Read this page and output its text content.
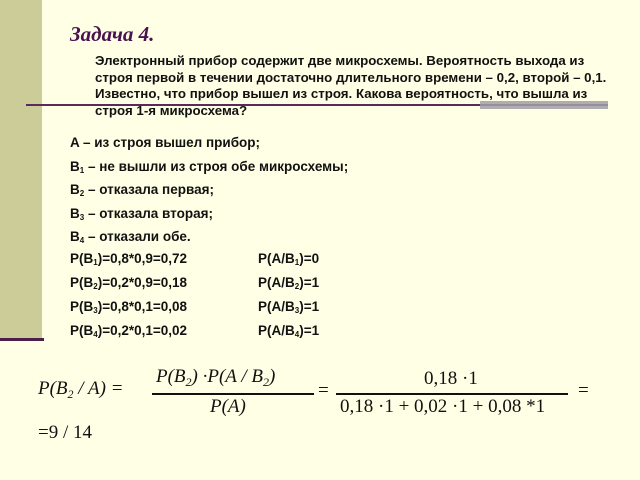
Задача 4.
Электронный прибор содержит две микросхемы. Вероятность выхода из строя первой в течении достаточно длительного времени – 0,2, второй – 0,1. Известно, что прибор вышел из строя. Какова вероятность, что вышла из строя 1-я микросхема?
A – из строя вышел прибор;
$B_1$ – не вышли из строя обе микросхемы;
$B_2$ – отказала первая;
$B_3$ – отказала вторая;
$B_4$ – отказали обе.
$P(B_1)=0,8*0,9=0,72$	$P(A/B_1)=0$
$P(B_2)=0,2*0,9=0,18$	$P(A/B_2)=1$
$P(B_3)=0,8*0,1=0,08$	$P(A/B_3)=1$
$P(B_4)=0,2*0,1=0,02$	$P(A/B_4)=1$
$P(B_2 / A)$ =
$P(B_2) \cdot P(A / B_2)$
P(A)
=
0,18 ·1
0,18 ·1 + 0,02 ·1 + 0,08 *1
=
=9 / 14
